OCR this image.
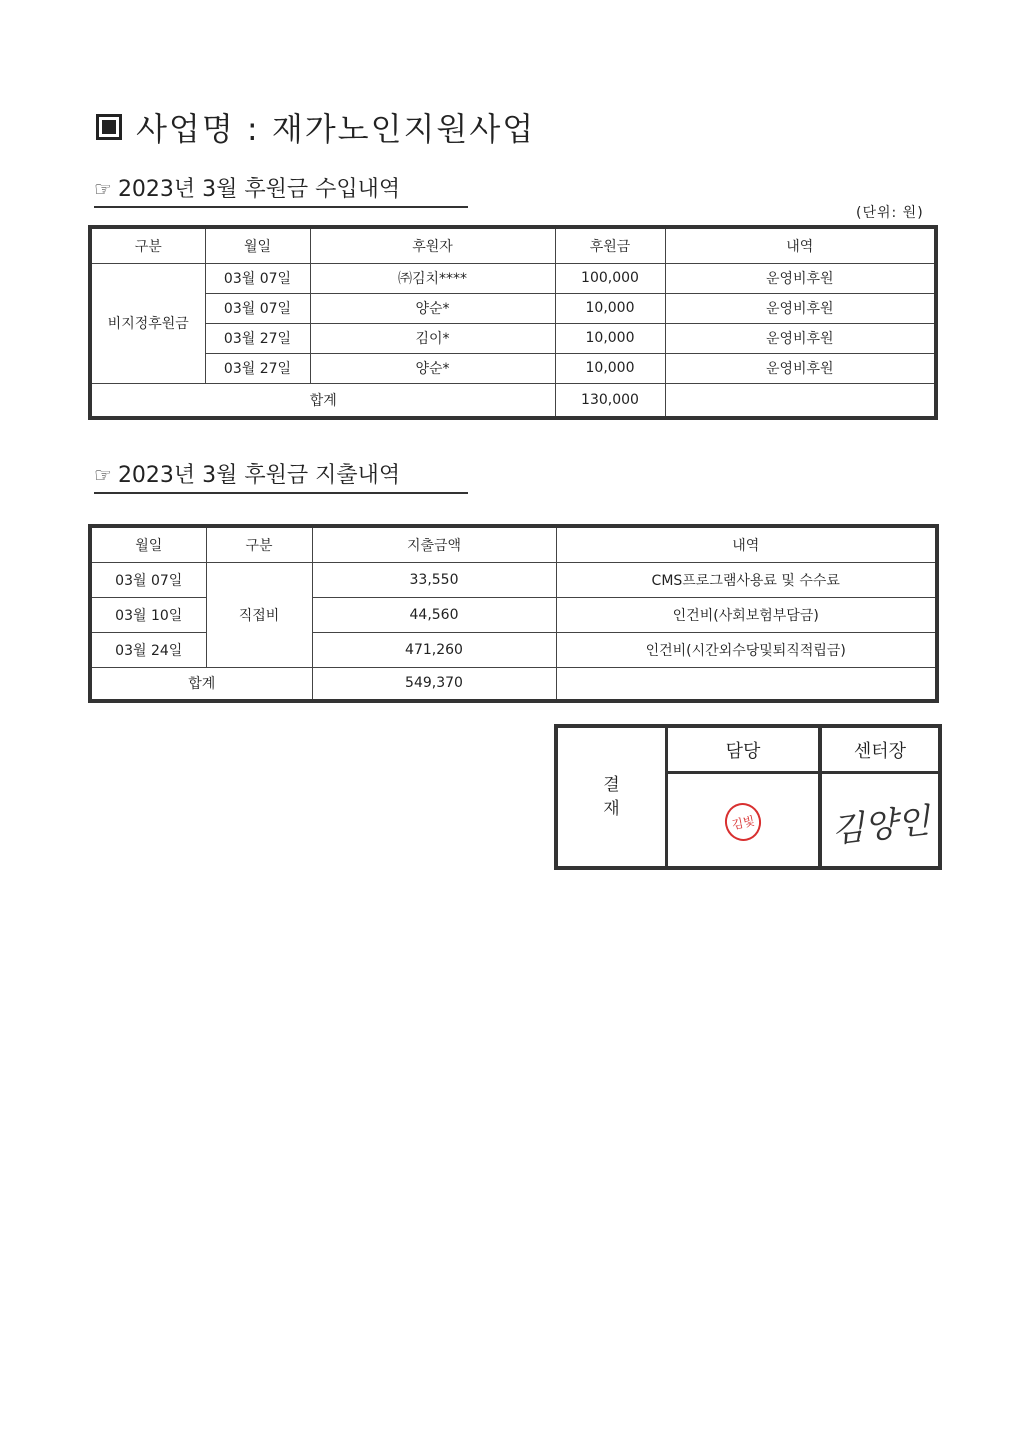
사업명 : 재가노인지원사업
☞ 2023년 3월 후원금 수입내역
(단위: 원)
구분	월일	후원자	후원금	내역
비지정후원금	03월 07일	㈜김치****	100,000	운영비후원
	03월 07일	양순*	10,000	운영비후원
	03월 27일	김이*	10,000	운영비후원
	03월 27일	양순*	10,000	운영비후원
합계			130,000	
☞ 2023년 3월 후원금 지출내역
월일	구분	지출금액	내역
03월 07일	직접비	33,550	CMS프로그램사용료 및 수수료
03월 10일		44,560	인건비(사회보험부담금)
03월 24일		471,260	인건비(시간외수당및퇴직적립금)
합계		549,370	
결
재
담당	센터장
김빛 김양인
